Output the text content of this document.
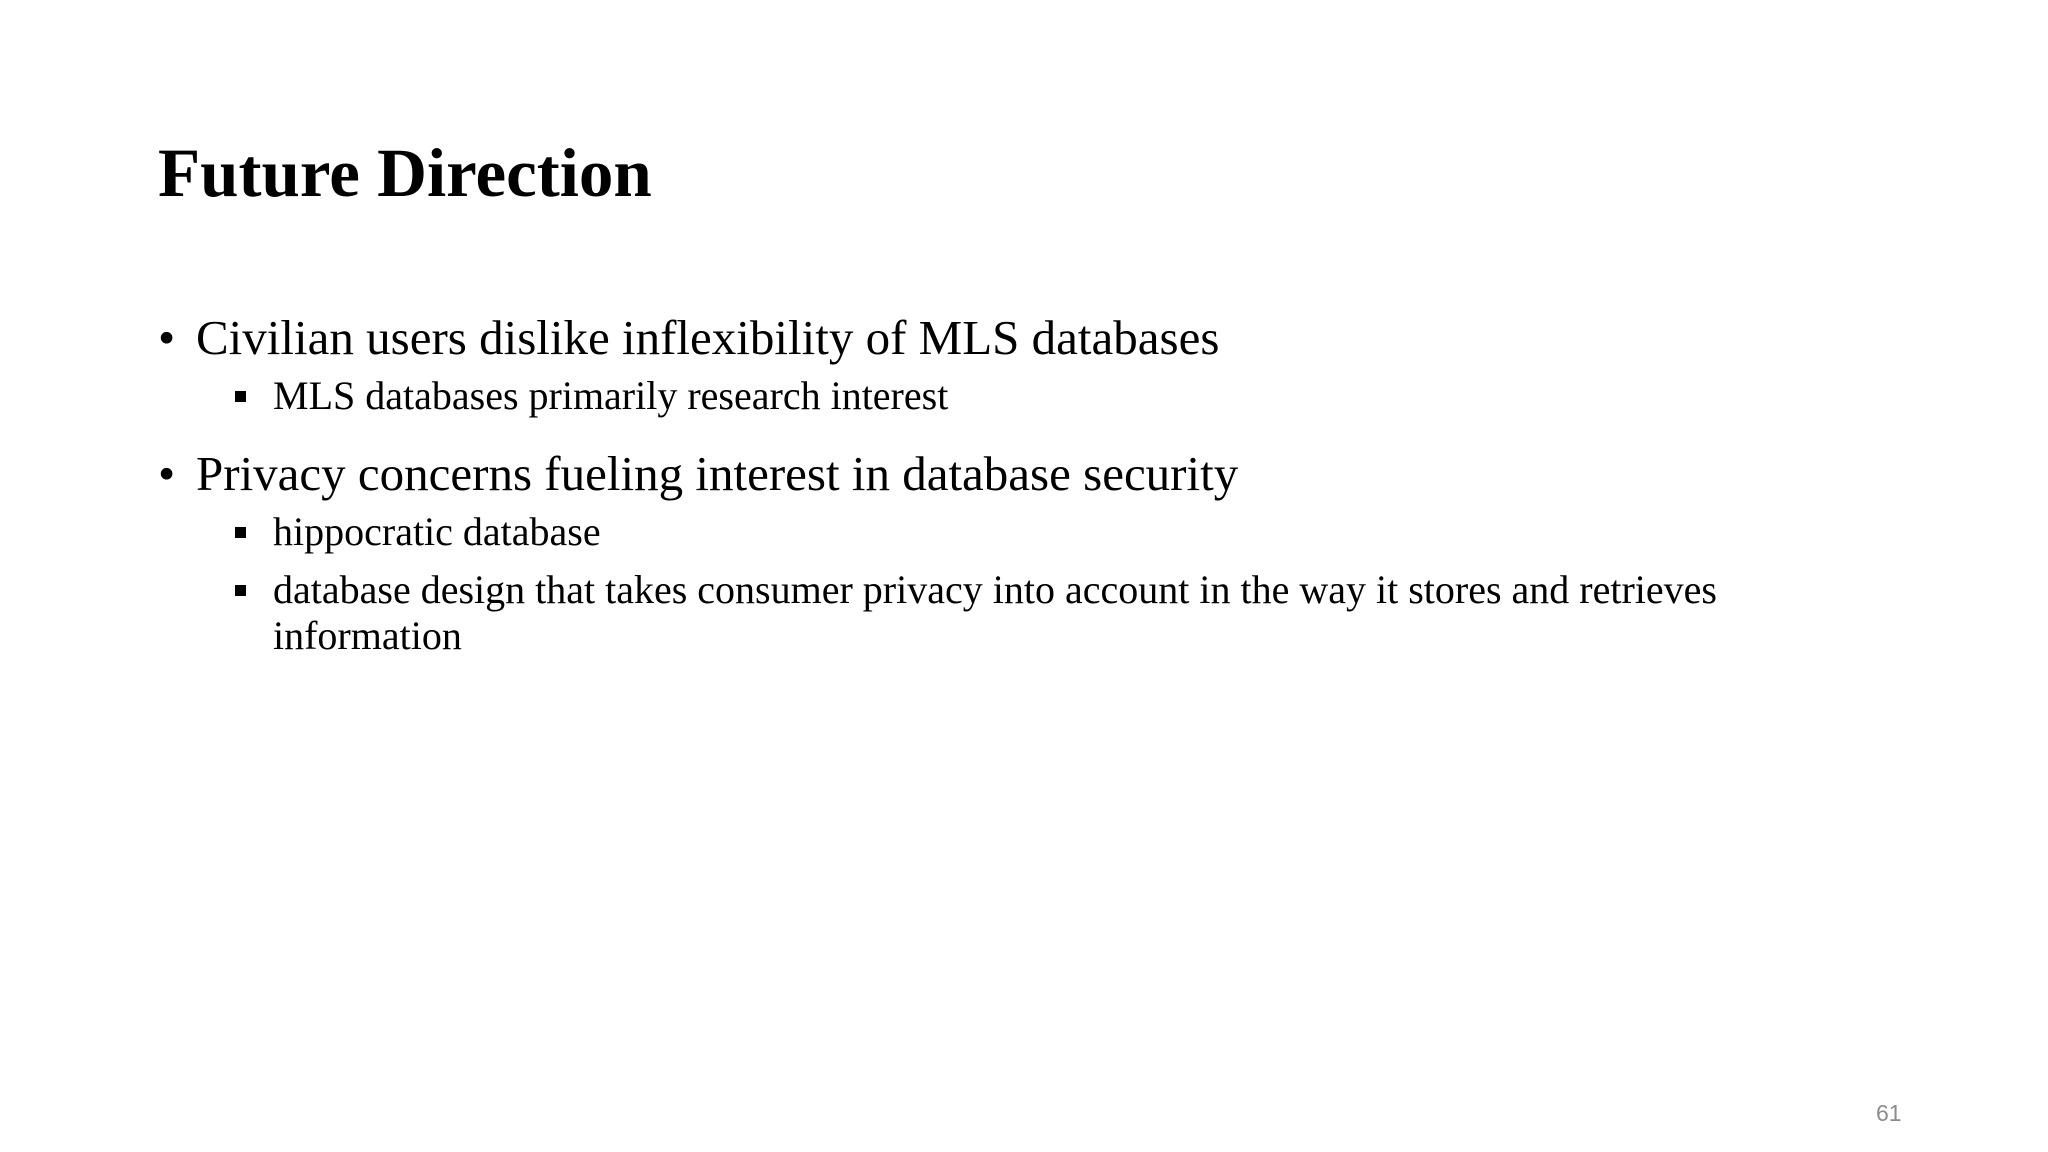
Future Direction
• Civilian users dislike inflexibility of MLS databases
MLS databases primarily research interest
• Privacy concerns fueling interest in database security
hippocratic database
database design that takes consumer privacy into account in the way it stores and retrieves information
61
